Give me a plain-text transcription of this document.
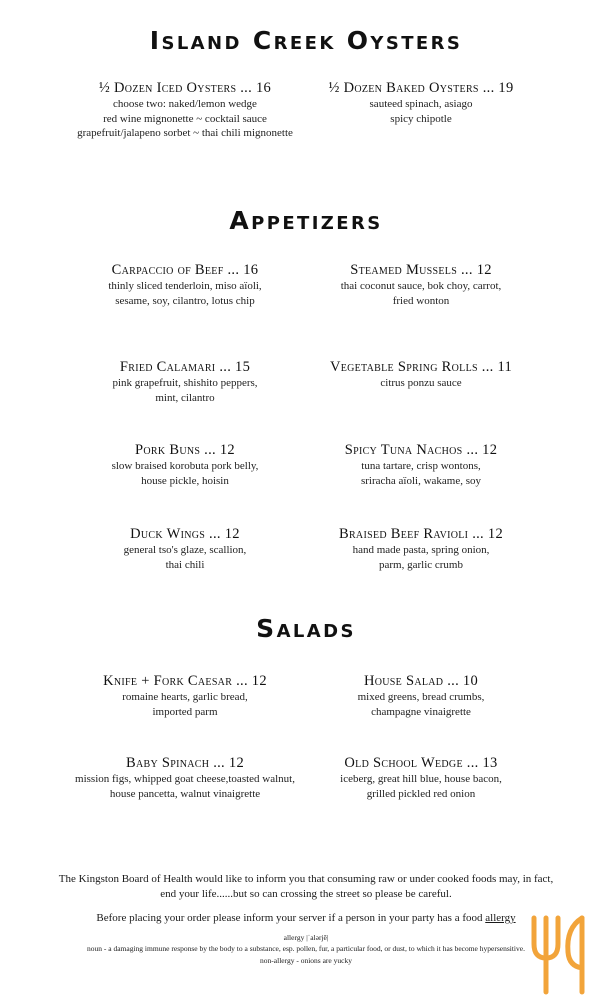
Island Creek Oysters
½ Dozen Iced Oysters ... 16
choose two: naked/lemon wedge
red wine mignonette ~ cocktail sauce
grapefruit/jalapeno sorbet ~ thai chili mignonette
½ Dozen Baked Oysters ... 19
sauteed spinach, asiago
spicy chipotle
Appetizers
Carpaccio of Beef ... 16
thinly sliced tenderloin, miso aïoli,
sesame, soy, cilantro, lotus chip
Steamed Mussels ... 12
thai coconut sauce, bok choy, carrot,
fried wonton
Fried Calamari ... 15
pink grapefruit, shishito peppers,
mint, cilantro
Vegetable Spring Rolls ... 11
citrus ponzu sauce
Pork Buns ... 12
slow braised korobuta pork belly,
house pickle, hoisin
Spicy Tuna Nachos ... 12
tuna tartare, crisp wontons,
sriracha aïoli, wakame, soy
Duck Wings ... 12
general tso's glaze, scallion,
thai chili
Braised Beef Ravioli ... 12
hand made pasta, spring onion,
parm, garlic crumb
Salads
Knife + Fork Caesar ... 12
romaine hearts, garlic bread,
imported parm
House Salad ... 10
mixed greens, bread crumbs,
champagne vinaigrette
Baby Spinach ... 12
mission figs, whipped goat cheese,toasted walnut,
house pancetta, walnut vinaigrette
Old School Wedge ... 13
iceberg, great hill blue, house bacon,
grilled pickled red onion
The Kingston Board of Health would like to inform you that consuming raw or under cooked foods may, in fact,
end your life......but so can crossing the street so please be careful.
Before placing your order please inform your server if a person in your party has a food allergy
allergy |ˈalərjē|
noun - a damaging immune response by the body to a substance, esp. pollen, fur, a particular food, or dust, to which it has become hypersensitive.
non-allergy - onions are yucky
